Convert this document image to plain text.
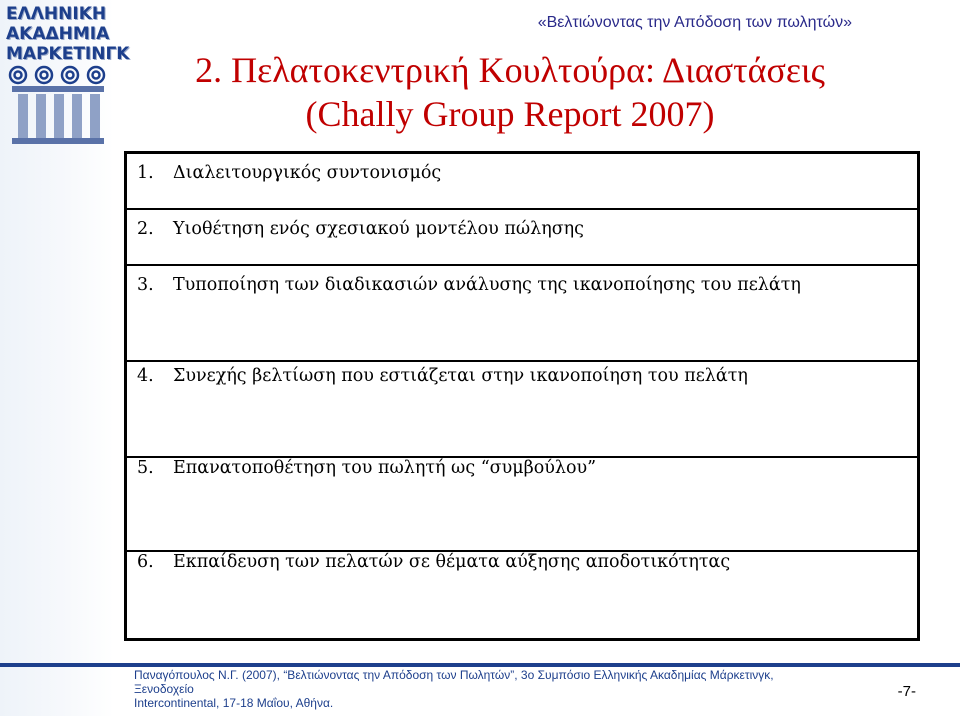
ΕΛΛΗΝΙΚΗ
ΑΚΑΔΗΜΙΑ
ΜΑΡΚΕΤΙΝΓΚ
«Βελτιώνοντας την Απόδοση των πωλητών»
2. Πελατοκεντρική Κουλτούρα: Διαστάσεις
(Chally Group Report 2007)
1. Διαλειτουργικός συντονισμός
2. Υιοθέτηση ενός σχεσιακού μοντέλου πώλησης
3. Τυποποίηση των διαδικασιών ανάλυσης της ικανοποίησης του πελάτη
4. Συνεχής βελτίωση που εστιάζεται στην ικανοποίηση του πελάτη
5. Επανατοποθέτηση του πωλητή ως “συμβούλου”
6. Εκπαίδευση των πελατών σε θέματα αύξησης αποδοτικότητας
Παναγόπουλος Ν.Γ. (2007), “Βελτιώνοντας την Απόδοση των Πωλητών”, 3ο Συμπόσιο Ελληνικής Ακαδημίας Μάρκετινγκ, Ξενοδοχείο
Intercontinental, 17-18 Μαΐου, Αθήνα.
-7-
